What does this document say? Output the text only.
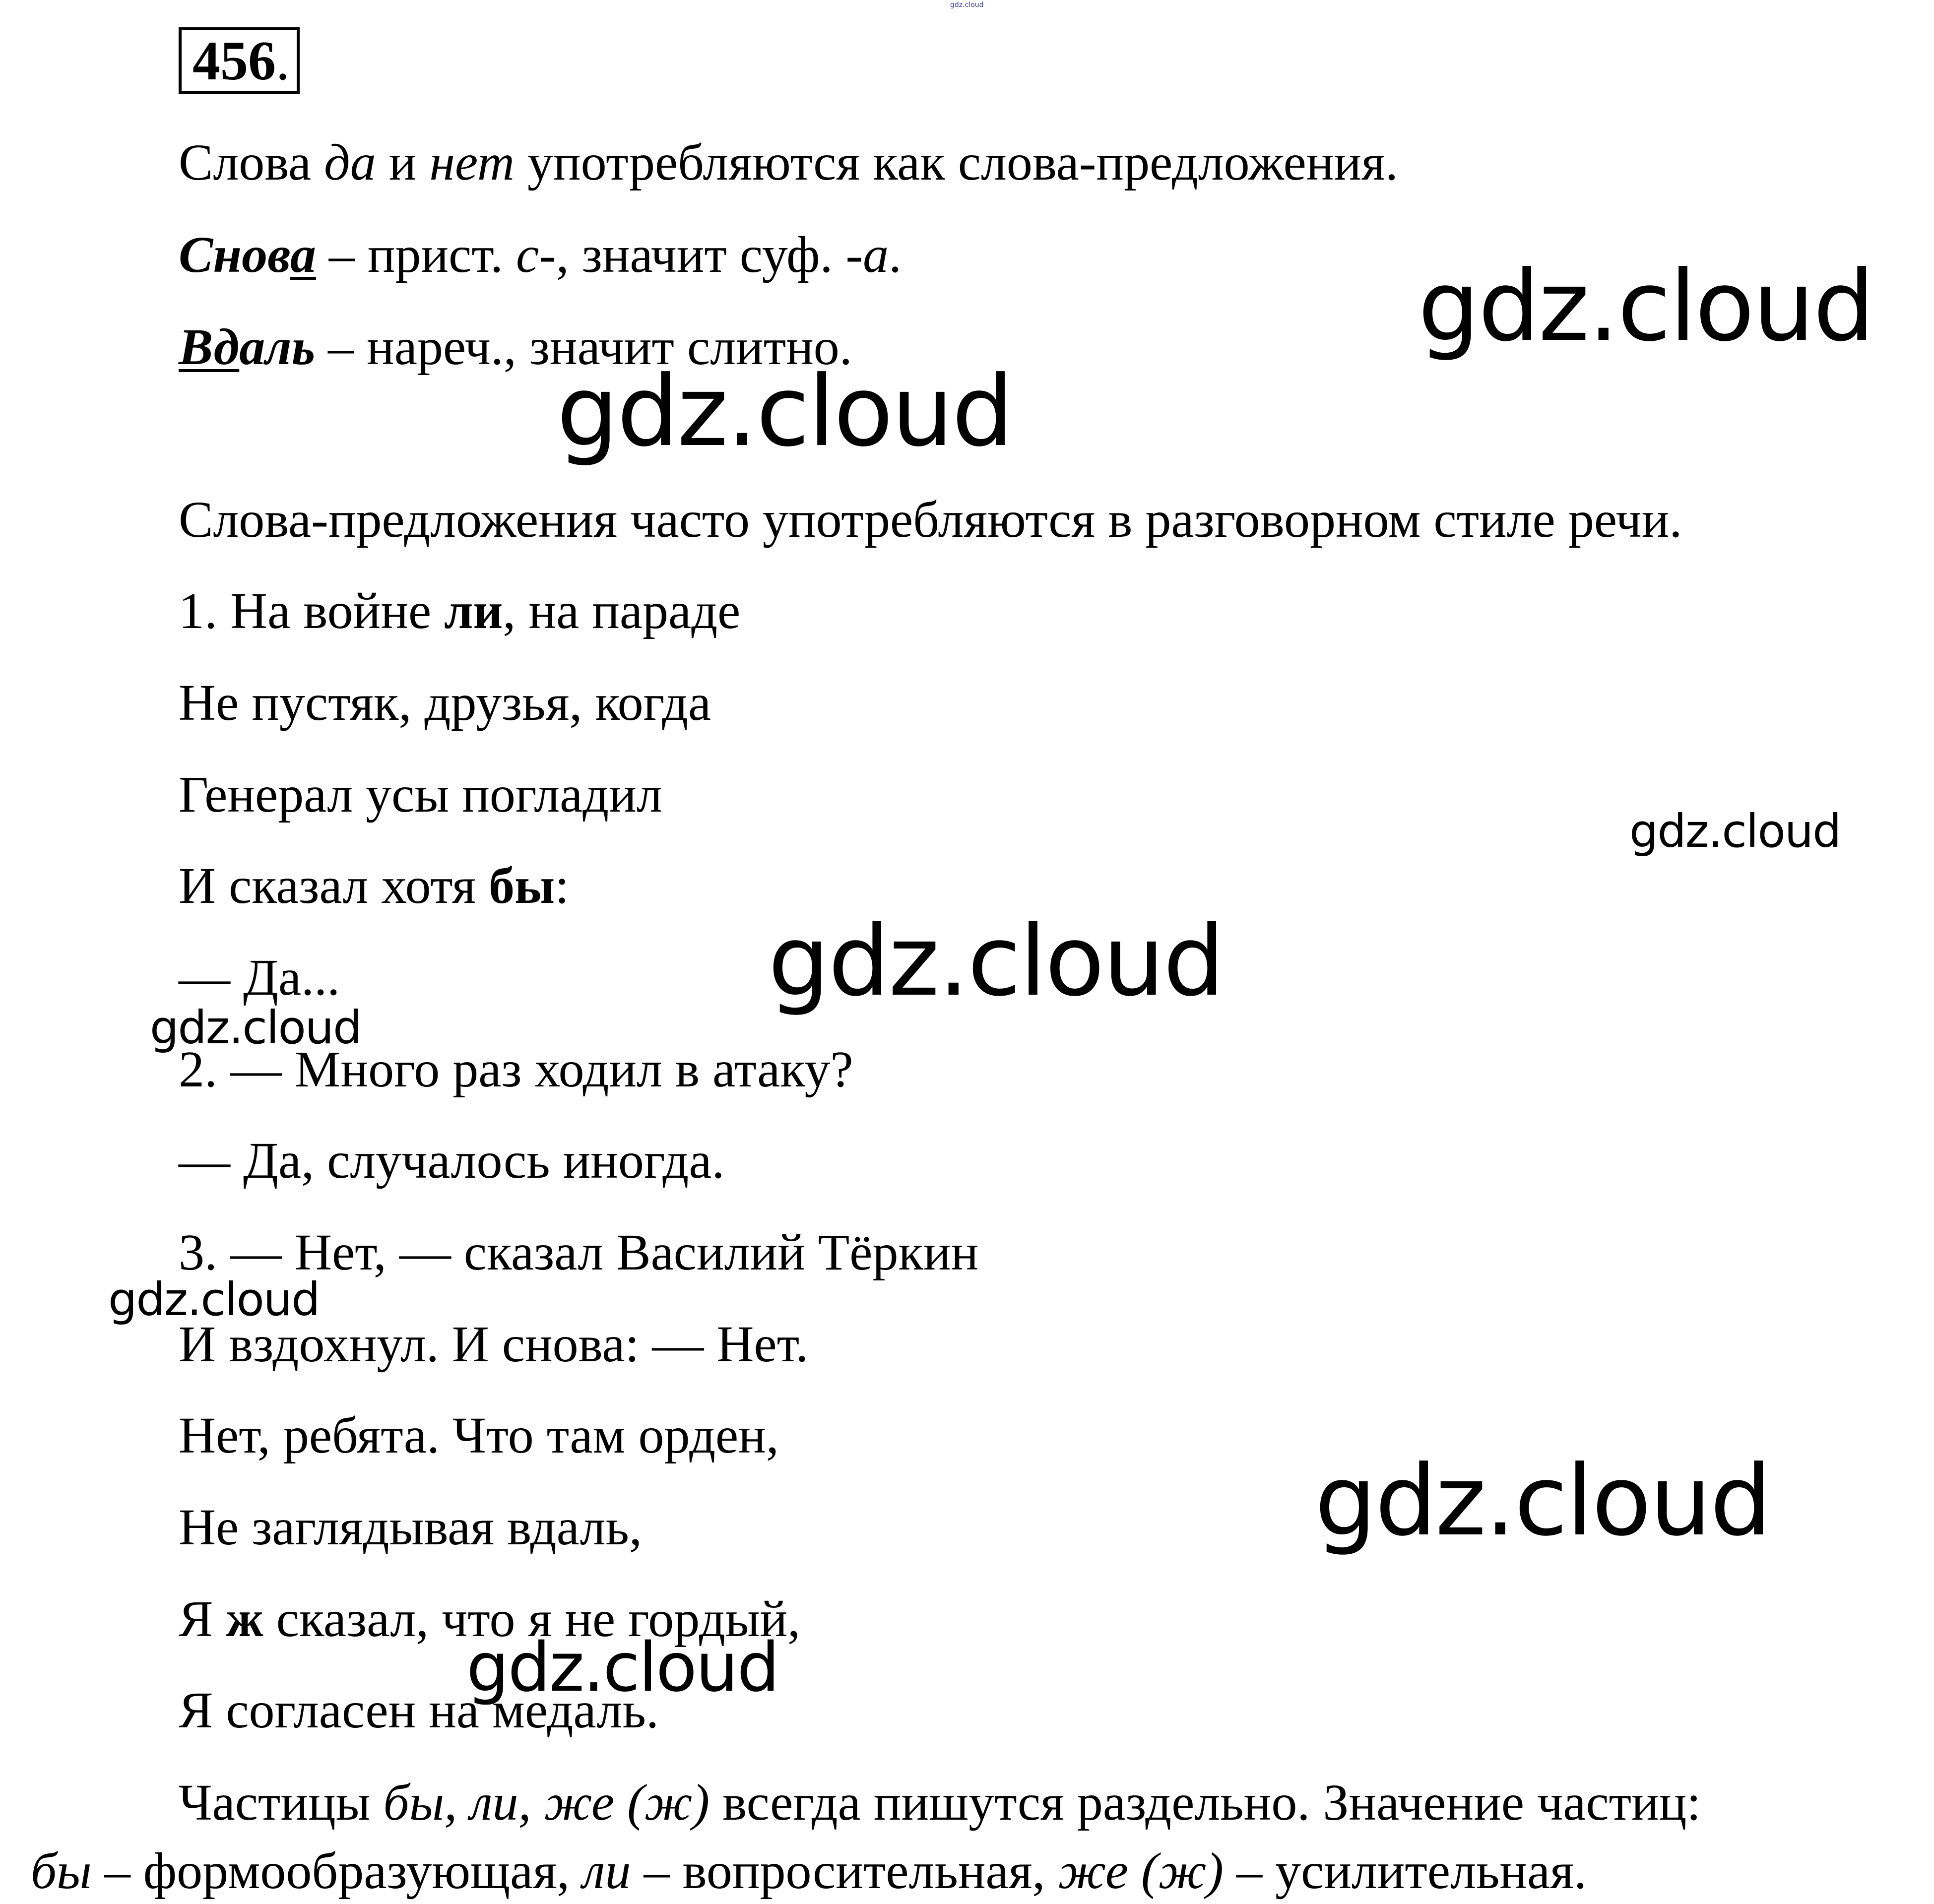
gdz.cloud
456.
Слова да и нет употребляются как слова-предложения.
Снова – прист. с-, значит суф. -а.
Вдаль – нареч., значит слитно.
Слова-предложения часто употребляются в разговорном стиле речи.
1. На войне ли, на параде
Не пустяк, друзья, когда
Генерал усы погладил
И сказал хотя бы:
— Да...
2. — Много раз ходил в атаку?
— Да, случалось иногда.
3. — Нет, — сказал Василий Тёркин
И вздохнул. И снова: — Нет.
Нет, ребята. Что там орден,
Не заглядывая вдаль,
Я ж сказал, что я не гордый,
Я согласен на медаль.
Частицы бы, ли, же (ж) всегда пишутся раздельно. Значение частиц:
бы – формообразующая, ли – вопросительная, же (ж) – усилительная.
gdz.cloud
gdz.cloud
gdz.cloud
gdz.cloud
gdz.cloud
gdz.cloud
gdz.cloud
gdz.cloud
